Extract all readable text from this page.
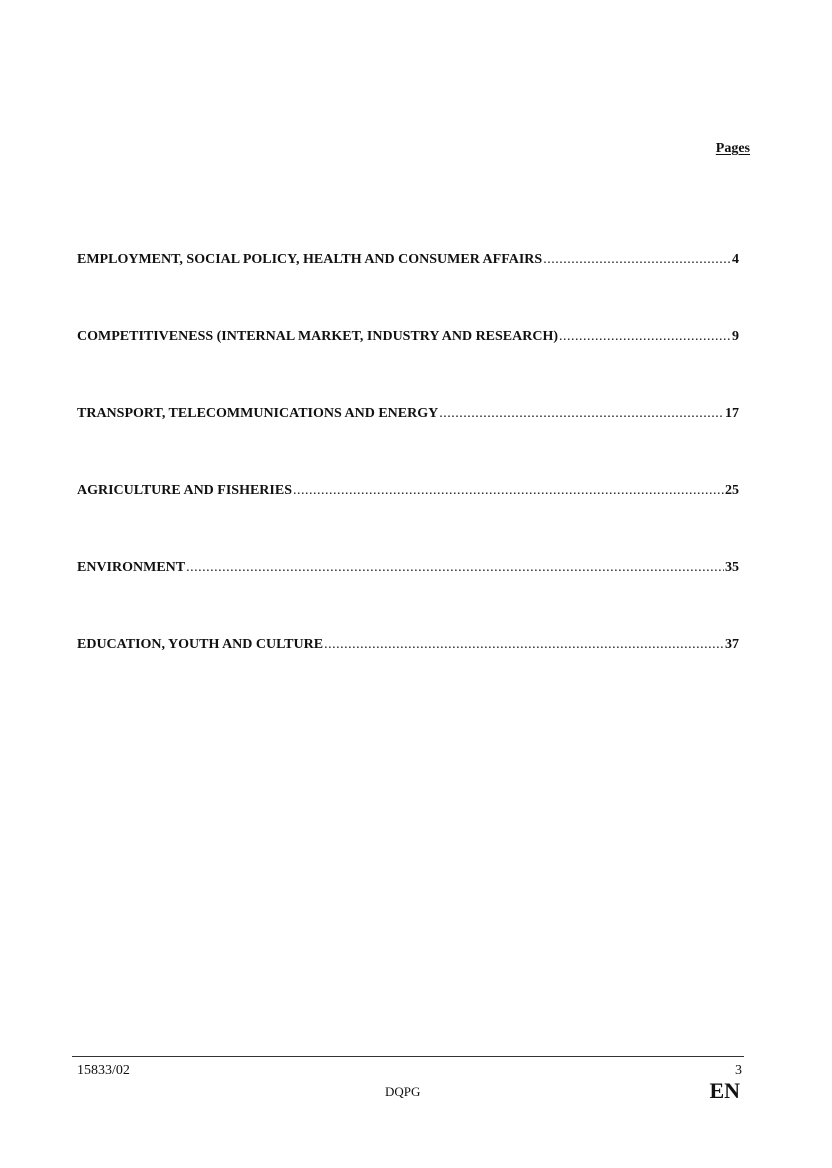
Pages
EMPLOYMENT, SOCIAL POLICY, HEALTH AND CONSUMER AFFAIRS .....	4
COMPETITIVENESS (INTERNAL MARKET, INDUSTRY AND RESEARCH) .....	9
TRANSPORT, TELECOMMUNICATIONS AND ENERGY .....	17
AGRICULTURE AND FISHERIES .....	25
ENVIRONMENT .....	35
EDUCATION, YOUTH AND CULTURE .....	37
15833/02	3
DQPG	EN
